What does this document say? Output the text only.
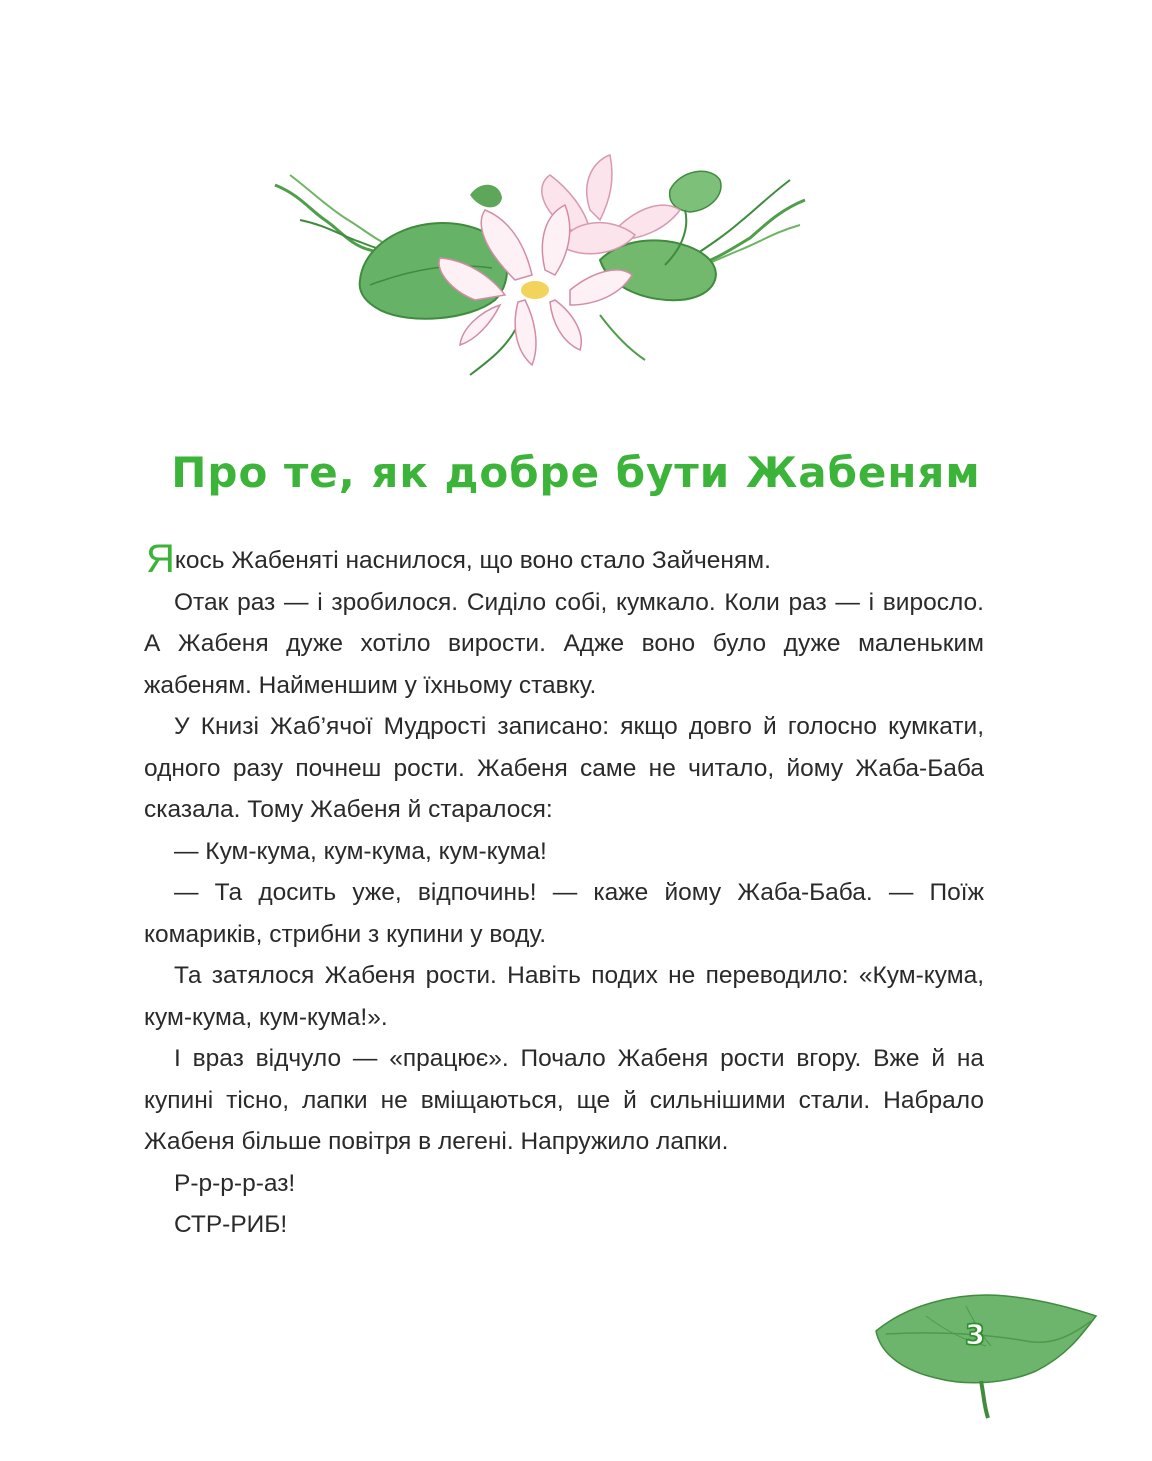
Про те, як добре бути Жабеням

Якось Жабеняті наснилося, що воно стало Зайченям.

Отак раз — і зробилося. Сиділо собі, кумкало. Коли раз — і виросло. А Жабеня дуже хотіло вирости. Адже воно було дуже маленьким жабеням. Найменшим у їхньому ставку.

У Книзі Жаб’ячої Мудрості записано: якщо довго й голосно кумкати, одного разу почнеш рости. Жабеня саме не читало, йому Жаба-Баба сказала. Тому Жабеня й старалося:

— Кум-кума, кум-кума, кум-кума!

— Та досить уже, відпочинь! — каже йому Жаба-Баба. — Поїж комариків, стрибни з купини у воду.

Та затялося Жабеня рости. Навіть подих не переводило: «Кум-кума, кум-кума, кум-кума!».

І враз відчуло — «працює». Почало Жабеня рости вгору. Вже й на купині тісно, лапки не вміщаються, ще й сильнішими стали. Набрало Жабеня більше повітря в легені. Напружило лапки.

Р-р-р-р-аз!

СТР-РИБ!

3
